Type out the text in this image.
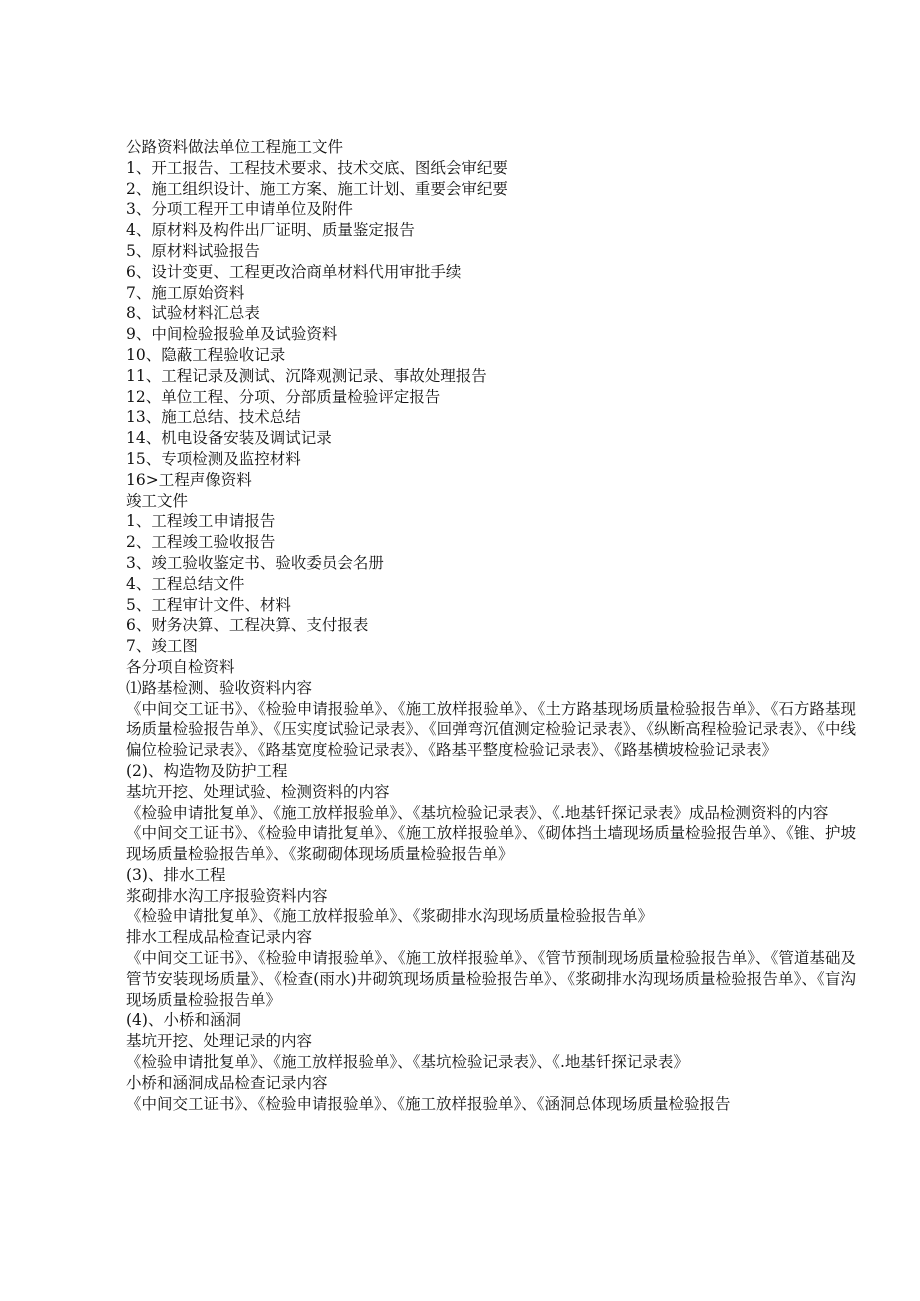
公路资料做法单位工程施工文件

1、开工报告、工程技术要求、技术交底、图纸会审纪要

2、施工组织设计、施工方案、施工计划、重要会审纪要

3、分项工程开工申请单位及附件

4、原材料及构件出厂证明、质量鉴定报告

5、原材料试验报告

6、设计变更、工程更改洽商单材料代用审批手续

7、施工原始资料

8、试验材料汇总表

9、中间检验报验单及试验资料

10、隐蔽工程验收记录

11、工程记录及测试、沉降观测记录、事故处理报告

12、单位工程、分项、分部质量检验评定报告

13、施工总结、技术总结

14、机电设备安装及调试记录

15、专项检测及监控材料

16>工程声像资料

竣工文件

1、工程竣工申请报告

2、工程竣工验收报告

3、竣工验收鉴定书、验收委员会名册

4、工程总结文件

5、工程审计文件、材料

6、财务决算、工程决算、支付报表

7、竣工图

各分项自检资料

⑴路基检测、验收资料内容

《中间交工证书》、《检验申请报验单》、《施工放样报验单》、《土方路基现场质量检验报告单》、《石方路基现场质量检验报告单》、《压实度试验记录表》、《回弹弯沉值测定检验记录表》、《纵断高程检验记录表》、《中线偏位检验记录表》、《路基宽度检验记录表》、《路基平整度检验记录表》、《路基横坡检验记录表》

(2)、构造物及防护工程

基坑开挖、处理试验、检测资料的内容

《检验申请批复单》、《施工放样报验单》、《基坑检验记录表》、《.地基钎探记录表》成品检测资料的内容

《中间交工证书》、《检验申请批复单》、《施工放样报验单》、《砌体挡土墙现场质量检验报告单》、《锥、护坡现场质量检验报告单》、《浆砌砌体现场质量检验报告单》

(3)、排水工程

浆砌排水沟工序报验资料内容

《检验申请批复单》、《施工放样报验单》、《浆砌排水沟现场质量检验报告单》

排水工程成品检查记录内容

《中间交工证书》、《检验申请报验单》、《施工放样报验单》、《管节预制现场质量检验报告单》、《管道基础及管节安装现场质量》、《检查(雨水)井砌筑现场质量检验报告单》、《浆砌排水沟现场质量检验报告单》、《盲沟现场质量检验报告单》

(4)、小桥和涵洞

基坑开挖、处理记录的内容

《检验申请批复单》、《施工放样报验单》、《基坑检验记录表》、《.地基钎探记录表》

小桥和涵洞成品检查记录内容

《中间交工证书》、《检验申请报验单》、《施工放样报验单》、《涵洞总体现场质量检验报告
